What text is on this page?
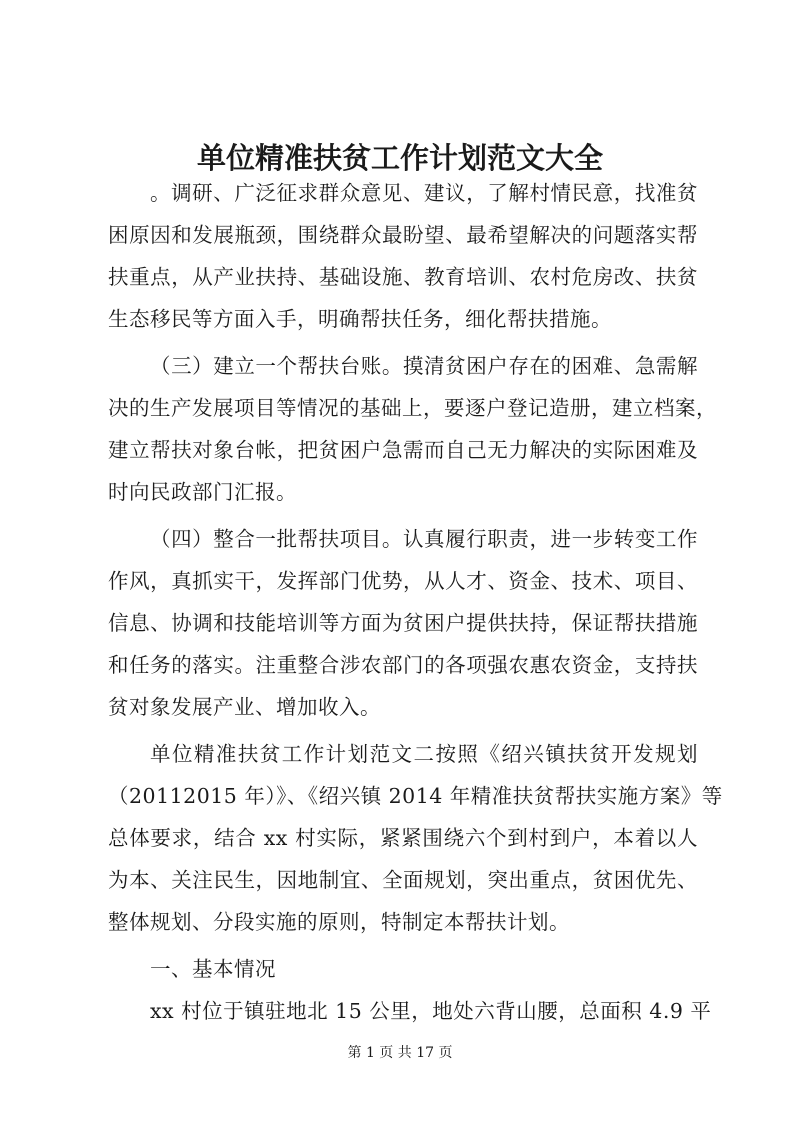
单位精准扶贫工作计划范文大全
。调研、广泛征求群众意见、建议，了解村情民意，找准贫
困原因和发展瓶颈，围绕群众最盼望、最希望解决的问题落实帮
扶重点，从产业扶持、基础设施、教育培训、农村危房改、扶贫
生态移民等方面入手，明确帮扶任务，细化帮扶措施。
（三）建立一个帮扶台账。摸清贫困户存在的困难、急需解
决的生产发展项目等情况的基础上，要逐户登记造册，建立档案，
建立帮扶对象台帐，把贫困户急需而自己无力解决的实际困难及
时向民政部门汇报。
（四）整合一批帮扶项目。认真履行职责，进一步转变工作
作风，真抓实干，发挥部门优势，从人才、资金、技术、项目、
信息、协调和技能培训等方面为贫困户提供扶持，保证帮扶措施
和任务的落实。注重整合涉农部门的各项强农惠农资金，支持扶
贫对象发展产业、增加收入。
单位精准扶贫工作计划范文二按照《绍兴镇扶贫开发规划
（20112015 年）》、《绍兴镇 2014 年精准扶贫帮扶实施方案》等
总体要求，结合 xx 村实际，紧紧围绕六个到村到户，本着以人
为本、关注民生，因地制宜、全面规划，突出重点，贫困优先、
整体规划、分段实施的原则，特制定本帮扶计划。
一、基本情况
第 1 页 共 17 页
xx 村位于镇驻地北 15 公里，地处六背山腰，总面积 4.9 平
